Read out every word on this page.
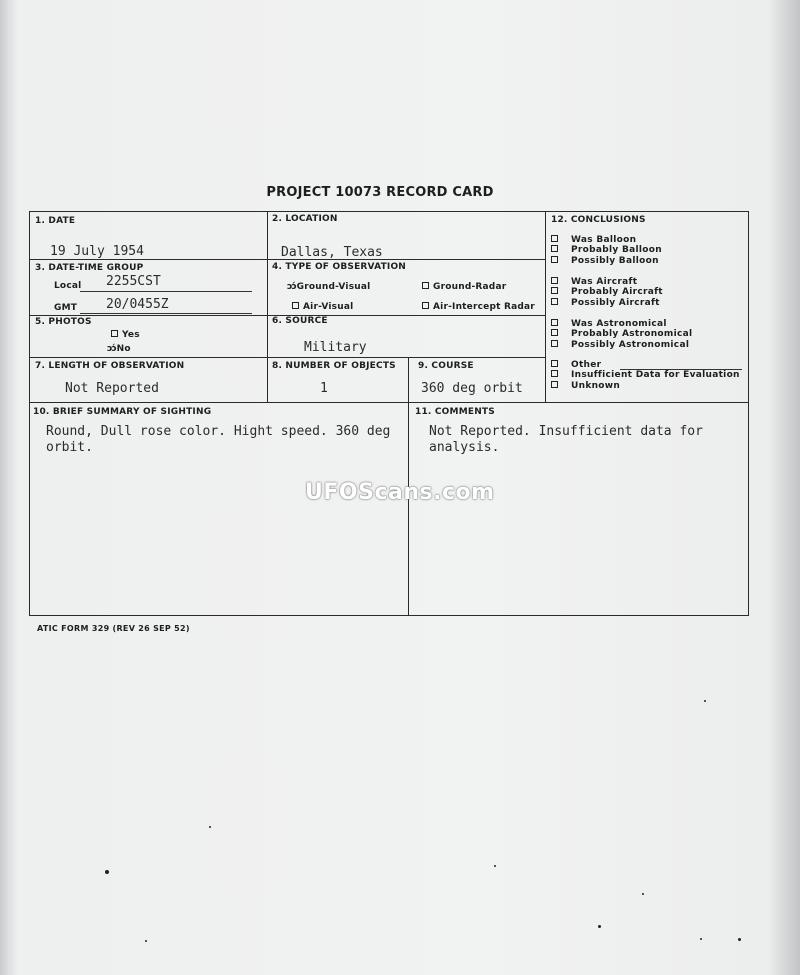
PROJECT 10073 RECORD CARD
1. DATE
19 July 1954
2. LOCATION
Dallas, Texas
3. DATE-TIME GROUP
Local 2255CST
GMT 20/0455Z
4. TYPE OF OBSERVATION
ɔɔ́Ground-Visual	Ground-Radar
Air-Visual	Air-Intercept Radar
5. PHOTOS
Yes
ɔɔ́No
6. SOURCE
Military
7. LENGTH OF OBSERVATION
Not Reported
8. NUMBER OF OBJECTS
1
9. COURSE
360 deg orbit
10. BRIEF SUMMARY OF SIGHTING
Round, Dull rose color. Hight speed. 360 deg orbit.
11. COMMENTS
Not Reported. Insufficient data for analysis.
12. CONCLUSIONS
Was Balloon
Probably Balloon
Possibly Balloon
Was Aircraft
Probably Aircraft
Possibly Aircraft
Was Astronomical
Probably Astronomical
Possibly Astronomical
Other
Insufficient Data for Evaluation
Unknown
UFOScans.com
ATIC FORM 329 (REV 26 SEP 52)
